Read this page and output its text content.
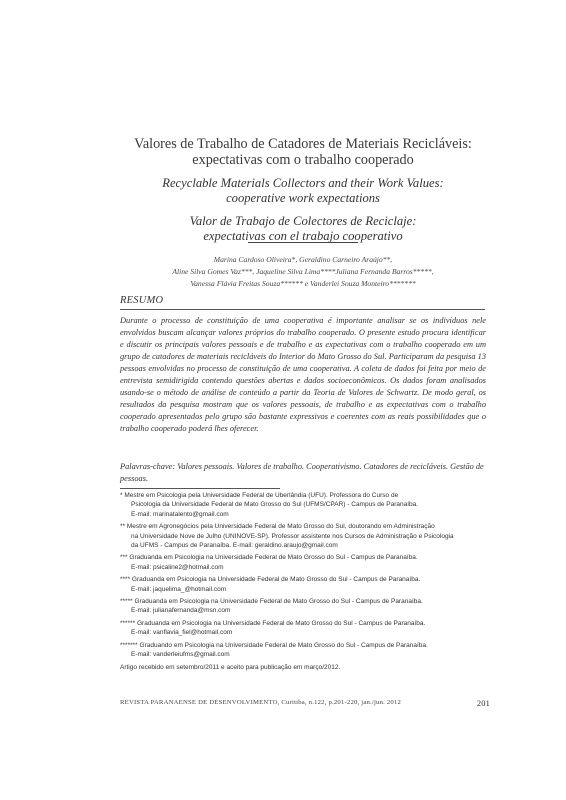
Valores de Trabalho de Catadores de Materiais Recicláveis:
expectativas com o trabalho cooperado
Recyclable Materials Collectors and their Work Values:
cooperative work expectations
Valor de Trabajo de Colectores de Reciclaje:
expectativas con el trabajo cooperativo
Marina Cardoso Oliveira*, Geraldino Carneiro Araújo**,
Aline Silva Gomes Vaz***, Jaqueline Silva Lima****Juliana Fernanda Barros*****,
Vanessa Flávia Freitas Souza****** e Vanderlei Souza Monteiro*******
RESUMO
Durante o processo de constituição de uma cooperativa é importante analisar se os indivíduos nele envolvidos buscam alcançar valores próprios do trabalho cooperado. O presente estudo procura identificar e discutir os principais valores pessoais e de trabalho e as expectativas com o trabalho cooperado em um grupo de catadores de materiais recicláveis do Interior do Mato Grosso do Sul. Participaram da pesquisa 13 pessoas envolvidas no processo de constituição de uma cooperativa. A coleta de dados foi feita por meio de entrevista semidirigida contendo questões abertas e dados socioeconômicos. Os dados foram analisados usando-se o método de análise de conteúdo a partir da Teoria de Valores de Schwartz. De modo geral, os resultados da pesquisa mostram que os valores pessoais, de trabalho e as expectativas com o trabalho cooperado apresentados pelo grupo são bastante expressivos e coerentes com as reais possibilidades que o trabalho cooperado poderá lhes oferecer.
Palavras-chave: Valores pessoais. Valores de trabalho. Cooperativismo. Catadores de recicláveis. Gestão de pessoas.
* Mestre em Psicologia pela Universidade Federal de Uberlândia (UFU). Professora do Curso de
Psicologia da Universidade Federal de Mato Grosso do Sul (UFMS/CPAR) - Campus de Paranaíba.
E-mail: marinatalento@gmail.com
** Mestre em Agronegócios pela Universidade Federal de Mato Grosso do Sul, doutorando em Administração
na Universidade Nove de Julho (UNINOVE-SP). Professor assistente nos Cursos de Administração e Psicologia
da UFMS - Campus de Paranaíba. E-mail: geraldino.araujo@gmail.com
*** Graduanda em Psicologia na Universidade Federal de Mato Grosso do Sul - Campus de Paranaíba.
E-mail: psicaline2@hotmail.com
**** Graduanda em Psicologia na Universidade Federal de Mato Grosso do Sul - Campus de Paranaíba.
E-mail: jaquelima_@hotmail.com
***** Graduanda em Psicologia na Universidade Federal de Mato Grosso do Sul - Campus de Paranaíba.
E-mail: julianafernanda@msn.com
****** Graduanda em Psicologia na Universidade Federal de Mato Grosso do Sul - Campus de Paranaíba.
E-mail: vanflavia_fiel@hotmail.com
******* Graduando em Psicologia na Universidade Federal de Mato Grosso do Sul - Campus de Paranaíba.
E-mail: vanderleiufms@gmail.com
Artigo recebido em setembro/2011 e aceito para publicação em março/2012.
REVISTA PARANAENSE DE DESENVOLVIMENTO, Curitiba, n.122, p.201-220, jan./jun. 2012	201
